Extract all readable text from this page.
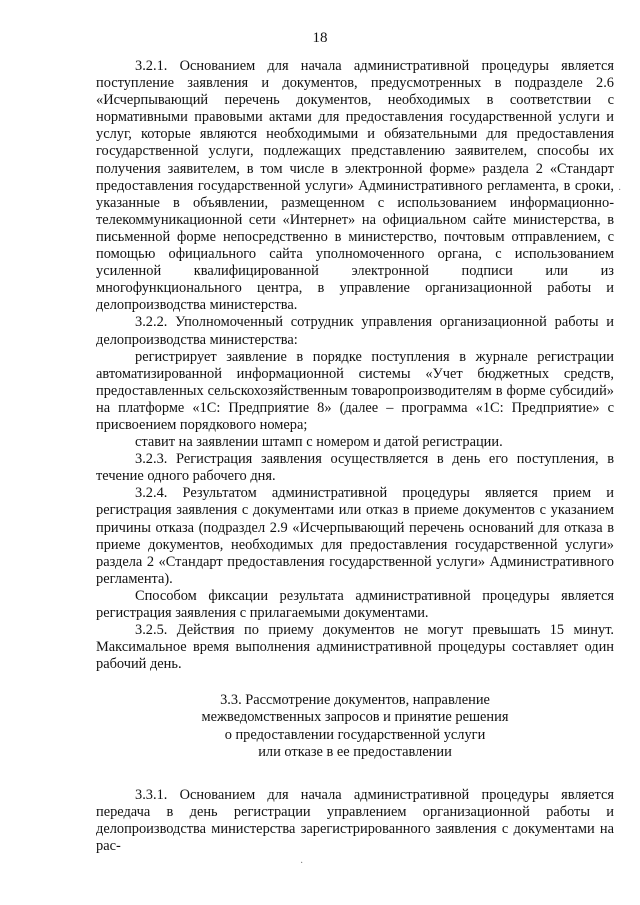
18

3.2.1. Основанием для начала административной процедуры является поступление заявления и документов, предусмотренных в подразделе 2.6 «Исчерпывающий перечень документов, необходимых в соответствии с нормативными правовыми актами для предоставления государственной услуги и услуг, которые являются необходимыми и обязательными для предоставления государственной услуги, подлежащих представлению заявителем, способы их получения заявителем, в том числе в электронной форме» раздела 2 «Стандарт предоставления государственной услуги» Административного регламента, в сроки, указанные в объявлении, размещенном с использованием информационно-телекоммуникационной сети «Интернет» на официальном сайте министерства, в письменной форме непосредственно в министерство, почтовым отправлением, с помощью официального сайта уполномоченного органа, с использованием усиленной квалифицированной электронной подписи или из многофункционального центра, в управление организационной работы и делопроизводства министерства.

3.2.2. Уполномоченный сотрудник управления организационной работы и делопроизводства министерства:

регистрирует заявление в порядке поступления в журнале регистрации автоматизированной информационной системы «Учет бюджетных средств, предоставленных сельскохозяйственным товаропроизводителям в форме субсидий» на платформе «1С: Предприятие 8» (далее – программа «1С: Предприятие» с присвоением порядкового номера;

ставит на заявлении штамп с номером и датой регистрации.

3.2.3. Регистрация заявления осуществляется в день его поступления, в течение одного рабочего дня.

3.2.4. Результатом административной процедуры является прием и регистрация заявления с документами или отказ в приеме документов с указанием причины отказа (подраздел 2.9 «Исчерпывающий перечень оснований для отказа в приеме документов, необходимых для предоставления государственной услуги» раздела 2 «Стандарт предоставления государственной услуги» Административного регламента).

Способом фиксации результата административной процедуры является регистрация заявления с прилагаемыми документами.

3.2.5. Действия по приему документов не могут превышать 15 минут. Максимальное время выполнения административной процедуры составляет один рабочий день.

3.3. Рассмотрение документов, направление
межведомственных запросов и принятие решения
о предоставлении государственной услуги
или отказе в ее предоставлении

3.3.1. Основанием для начала административной процедуры является передача в день регистрации управлением организационной работы и делопроизводства министерства зарегистрированного заявления с документами на рас-

·
·
